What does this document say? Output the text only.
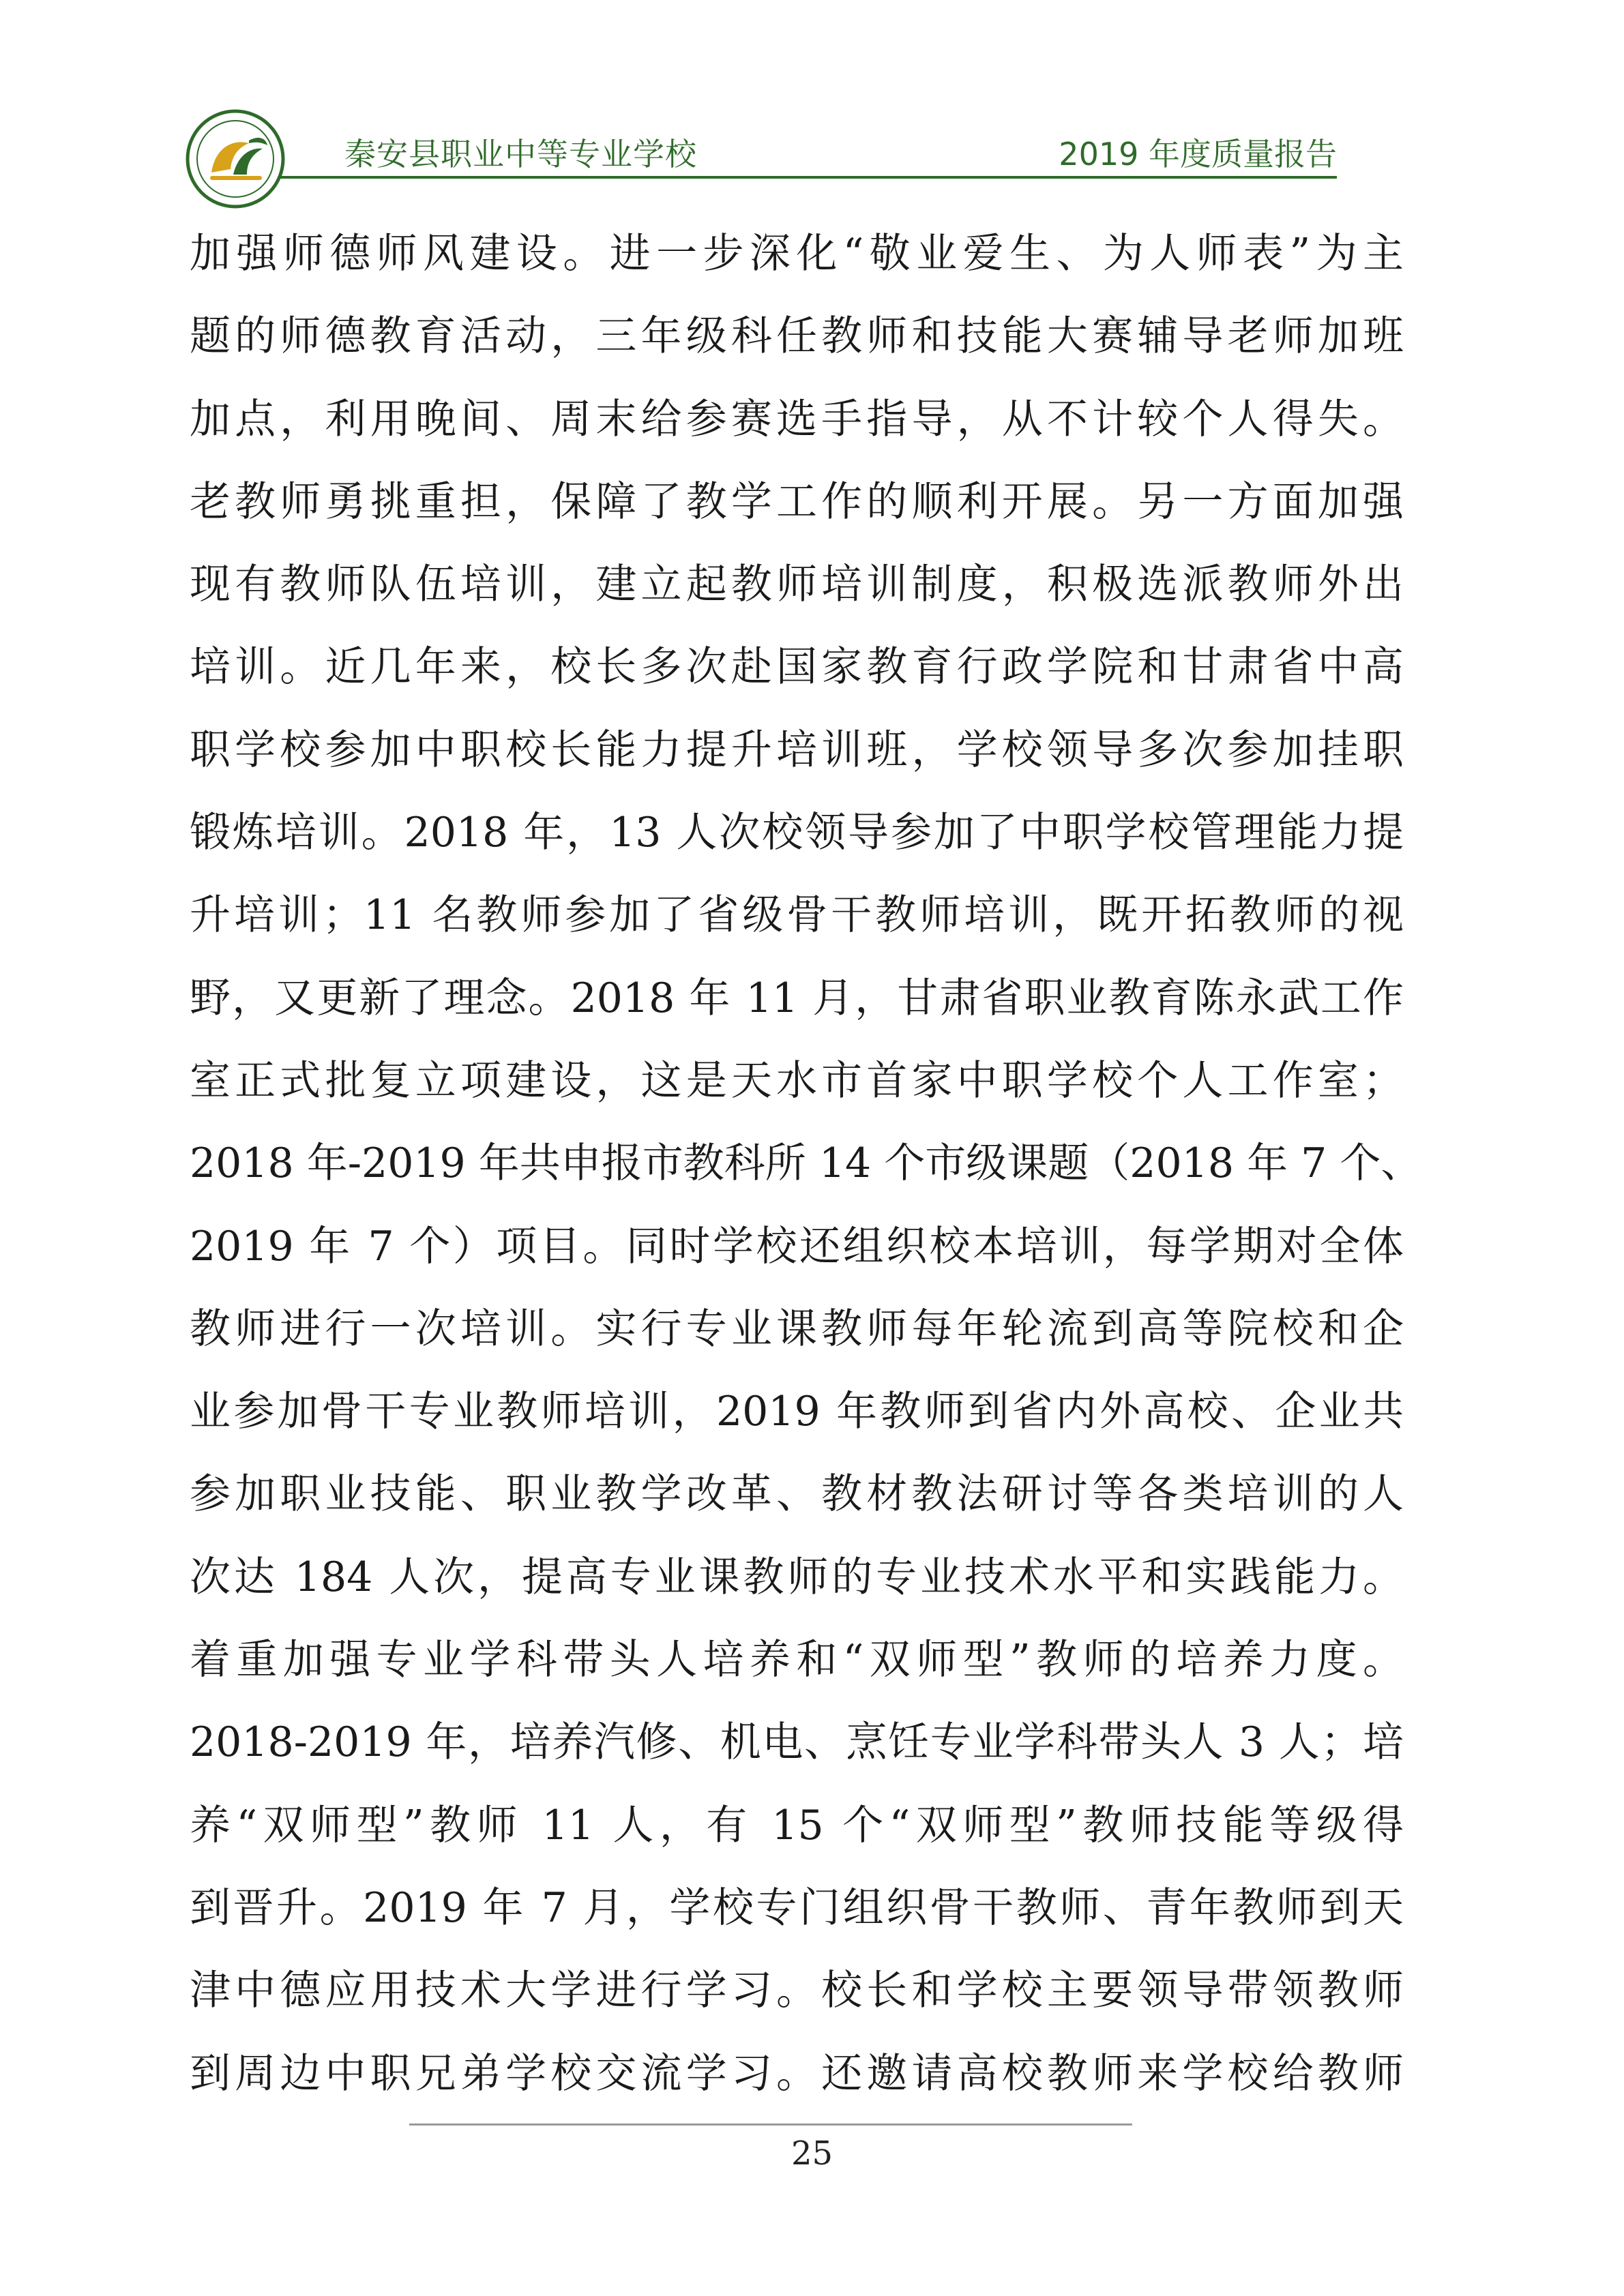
秦安县职业中等专业学校	2019 年度质量报告
加强师德师风建设。进一步深化“敬业爱生、为人师表”为主
题的师德教育活动，三年级科任教师和技能大赛辅导老师加班
加点，利用晚间、周末给参赛选手指导，从不计较个人得失。
老教师勇挑重担，保障了教学工作的顺利开展。另一方面加强
现有教师队伍培训，建立起教师培训制度，积极选派教师外出
培训。近几年来，校长多次赴国家教育行政学院和甘肃省中高
职学校参加中职校长能力提升培训班，学校领导多次参加挂职
锻炼培训。2018 年，13 人次校领导参加了中职学校管理能力提
升培训；11 名教师参加了省级骨干教师培训，既开拓教师的视
野，又更新了理念。2018 年 11 月，甘肃省职业教育陈永武工作
室正式批复立项建设，这是天水市首家中职学校个人工作室；
2018 年-2019 年共申报市教科所 14 个市级课题（2018 年 7 个、
2019 年 7 个）项目。同时学校还组织校本培训，每学期对全体
教师进行一次培训。实行专业课教师每年轮流到高等院校和企
业参加骨干专业教师培训，2019 年教师到省内外高校、企业共
参加职业技能、职业教学改革、教材教法研讨等各类培训的人
次达 184 人次，提高专业课教师的专业技术水平和实践能力。
着重加强专业学科带头人培养和“双师型”教师的培养力度。
2018-2019 年，培养汽修、机电、烹饪专业学科带头人 3 人；培
养“双师型”教师 11 人，有 15 个“双师型”教师技能等级得
到晋升。2019 年 7 月，学校专门组织骨干教师、青年教师到天
津中德应用技术大学进行学习。校长和学校主要领导带领教师
到周边中职兄弟学校交流学习。还邀请高校教师来学校给教师
25
